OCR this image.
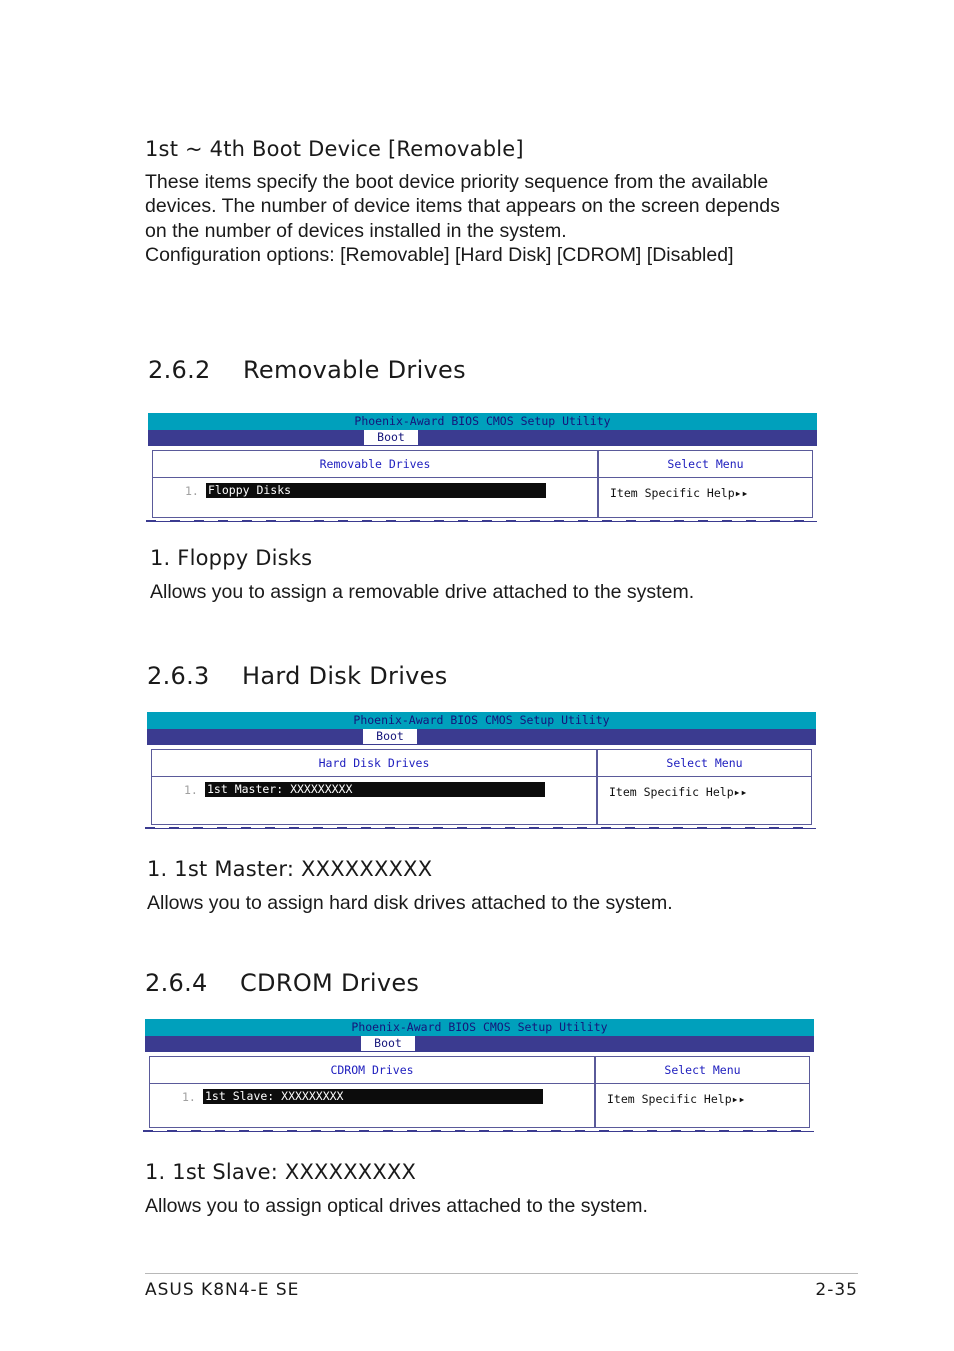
1st ~ 4th Boot Device [Removable]

These items specify the boot device priority sequence from the available

devices. The number of device items that appears on the screen depends

on the number of devices installed in the system.

Configuration options: [Removable] [Hard Disk] [CDROM] [Disabled]

2.6.2 Removable Drives
Phoenix-Award BIOS CMOS Setup Utility
Boot
Removable Drives
1. Floppy Disks
Select Menu
Item Specific Help▸▸
1. Floppy Disks

Allows you to assign a removable drive attached to the system.

2.6.3 Hard Disk Drives
Phoenix-Award BIOS CMOS Setup Utility
Boot
Hard Disk Drives
1. 1st Master: XXXXXXXXX
Select Menu
Item Specific Help▸▸
1. 1st Master: XXXXXXXXX

Allows you to assign hard disk drives attached to the system.

2.6.4 CDROM Drives
Phoenix-Award BIOS CMOS Setup Utility
Boot
CDROM Drives
1. 1st Slave: XXXXXXXXX
Select Menu
Item Specific Help▸▸
1. 1st Slave: XXXXXXXXX

Allows you to assign optical drives attached to the system.

ASUS K8N4-E SE	2-35
